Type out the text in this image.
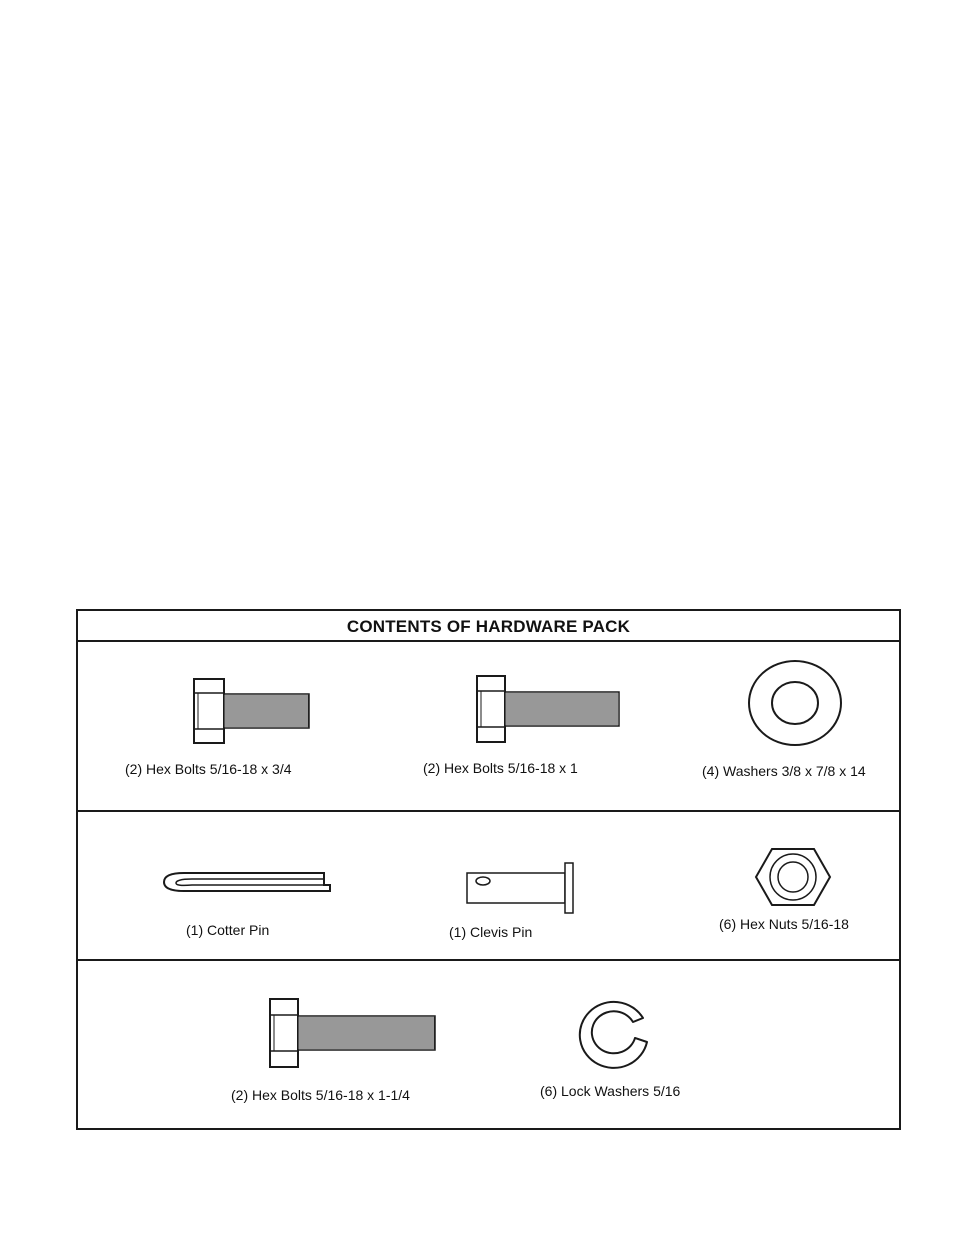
CONTENTS OF HARDWARE PACK
(2) Hex Bolts 5/16-18 x 3/4	(2) Hex Bolts 5/16-18 x 1	(4) Washers 3/8 x 7/8 x 14
(1) Cotter Pin	(1) Clevis Pin	(6) Hex Nuts 5/16-18
(2) Hex Bolts 5/16-18 x 1-1/4	(6) Lock Washers 5/16
